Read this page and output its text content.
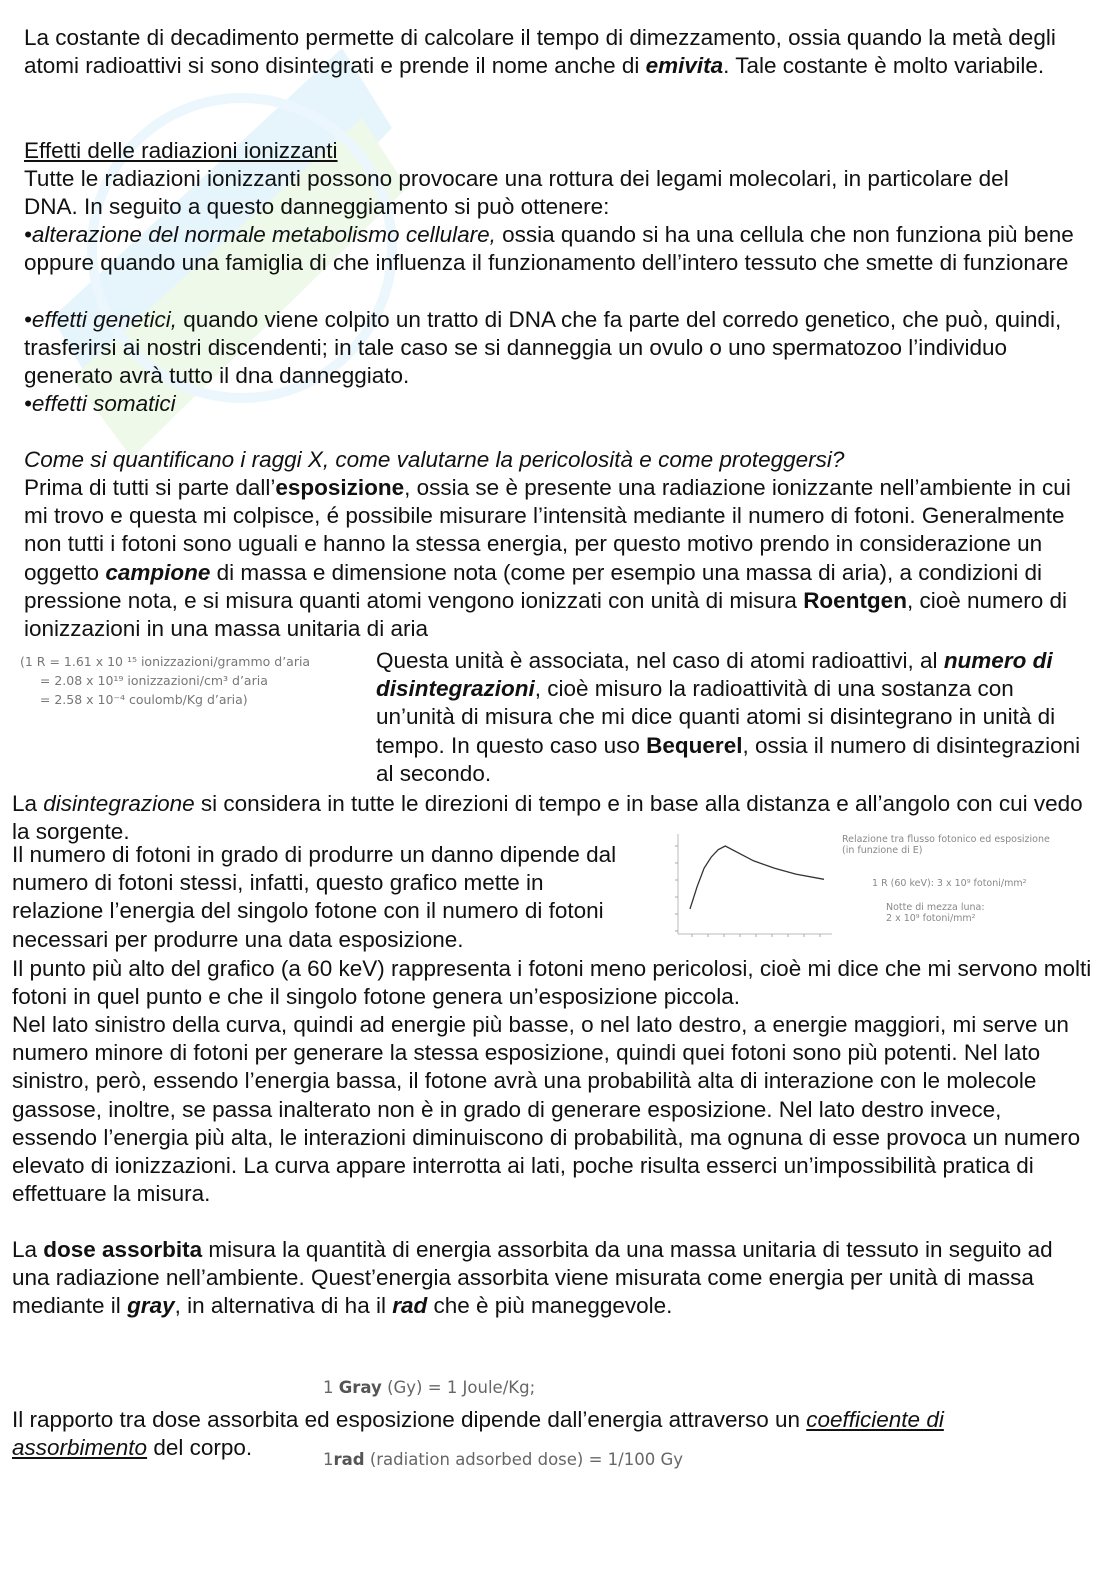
La costante di decadimento permette di calcolare il tempo di dimezzamento, ossia quando la metà degli atomi radioattivi si sono disintegrati e prende il nome anche di emivita. Tale costante è molto variabile.

Effetti delle radiazioni ionizzanti

Tutte le radiazioni ionizzanti possono provocare una rottura dei legami molecolari, in particolare del DNA. In seguito a questo danneggiamento si può ottenere:

•alterazione del normale metabolismo cellulare, ossia quando si ha una cellula che non funziona più bene oppure quando una famiglia di che influenza il funzionamento dell’intero tessuto che smette di funzionare

•effetti genetici, quando viene colpito un tratto di DNA che fa parte del corredo genetico, che può, quindi, trasferirsi ai nostri discendenti; in tale caso se si danneggia un ovulo o uno spermatozoo l’individuo generato avrà tutto il dna danneggiato.

•effetti somatici

Come si quantificano i raggi X, come valutarne la pericolosità e come proteggersi?

Prima di tutti si parte dall’esposizione, ossia se è presente una radiazione ionizzante nell’ambiente in cui mi trovo e questa mi colpisce, é possibile misurare l’intensità mediante il numero di fotoni. Generalmente non tutti i fotoni sono uguali e hanno la stessa energia, per questo motivo prendo in considerazione un oggetto campione di massa e dimensione nota (come per esempio una massa di aria), a condizioni di pressione nota, e si misura quanti atomi vengono ionizzati con unità di misura Roentgen, cioè numero di ionizzazioni in una massa unitaria di aria

(1 R = 1.61 x 10 ¹⁵ ionizzazioni/grammo d’aria
= 2.08 x 10¹⁹ ionizzazioni/cm³ d’aria
= 2.58 x 10⁻⁴ coulomb/Kg d’aria)

Questa unità è associata, nel caso di atomi radioattivi, al numero di disintegrazioni, cioè misuro la radioattività di una sostanza con un’unità di misura che mi dice quanti atomi si disintegrano in unità di tempo. In questo caso uso Bequerel, ossia il numero di disintegrazioni al secondo.

La disintegrazione si considera in tutte le direzioni di tempo e in base alla distanza e all’angolo con cui vedo la sorgente.

Il numero di fotoni in grado di produrre un danno dipende dal numero di fotoni stessi, infatti, questo grafico mette in relazione l’energia del singolo fotone con il numero di fotoni necessari per produrre una data esposizione.

Relazione tra flusso fotonico ed esposizione
(in funzione di E)
1 R (60 keV): 3 x 10⁹ fotoni/mm²
Notte di mezza luna:
2 x 10⁹ fotoni/mm²

Il punto più alto del grafico (a 60 keV) rappresenta i fotoni meno pericolosi, cioè mi dice che mi servono molti fotoni in quel punto e che il singolo fotone genera un’esposizione piccola.

Nel lato sinistro della curva, quindi ad energie più basse, o nel lato destro, a energie maggiori, mi serve un numero minore di fotoni per generare la stessa esposizione, quindi quei fotoni sono più potenti. Nel lato sinistro, però, essendo l’energia bassa, il fotone avrà una probabilità alta di interazione con le molecole gassose, inoltre, se passa inalterato non è in grado di generare esposizione. Nel lato destro invece, essendo l’energia più alta, le interazioni diminuiscono di probabilità, ma ognuna di esse provoca un numero elevato di ionizzazioni. La curva appare interrotta ai lati, poche risulta esserci un’impossibilità pratica di effettuare la misura.

La dose assorbita misura la quantità di energia assorbita da una massa unitaria di tessuto in seguito ad una radiazione nell’ambiente. Quest’energia assorbita viene misurata come energia per unità di massa mediante il gray, in alternativa di ha il rad che è più maneggevole.

1 Gray (Gy) = 1 Joule/Kg;

1rad (radiation adsorbed dose) = 1/100 Gy

Il rapporto tra dose assorbita ed esposizione dipende dall’energia attraverso un coefficiente di assorbimento del corpo.
